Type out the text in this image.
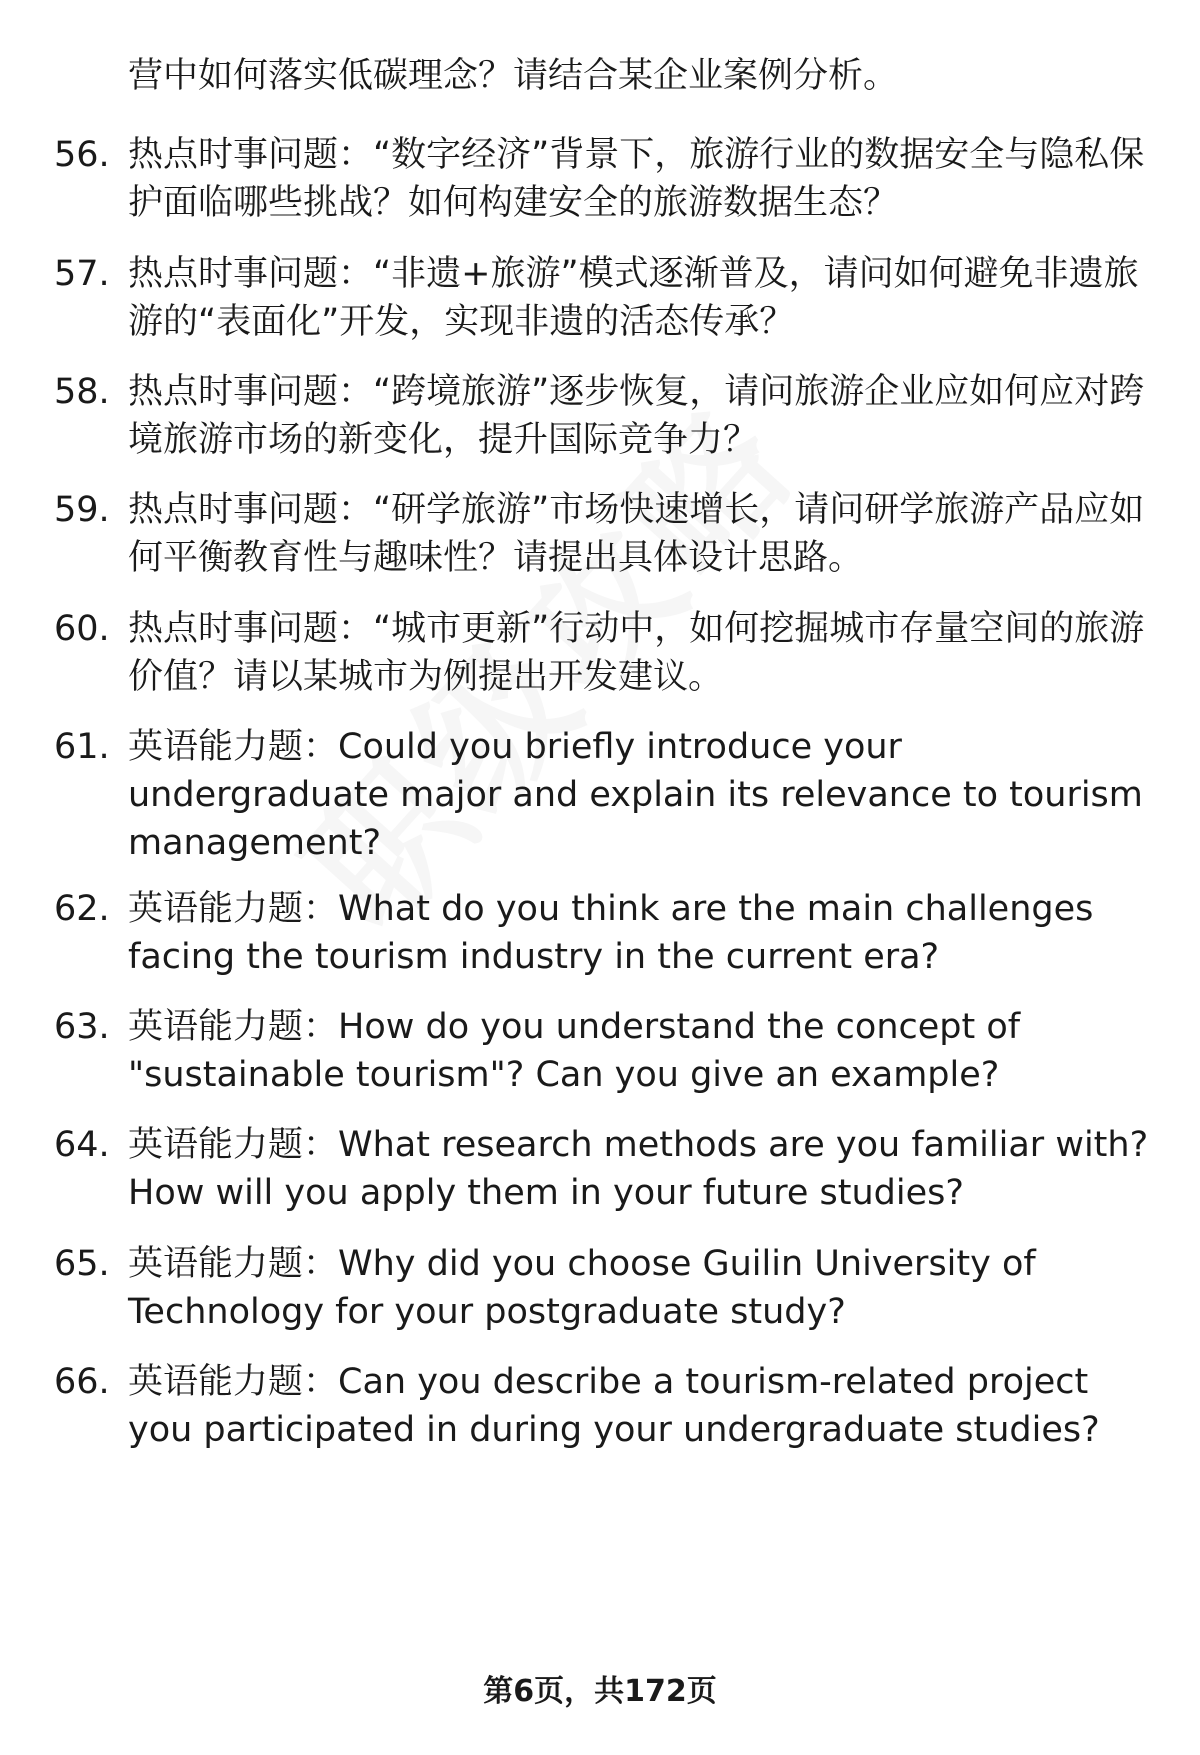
营中如何落实低碳理念？请结合某企业案例分析。
56. 热点时事问题：“数字经济”背景下，旅游行业的数据安全与隐私保护面临哪些挑战？如何构建安全的旅游数据生态？
57. 热点时事问题：“非遗+旅游”模式逐渐普及，请问如何避免非遗旅游的“表面化”开发，实现非遗的活态传承？
58. 热点时事问题：“跨境旅游”逐步恢复，请问旅游企业应如何应对跨境旅游市场的新变化，提升国际竞争力？
59. 热点时事问题：“研学旅游”市场快速增长，请问研学旅游产品应如何平衡教育性与趣味性？请提出具体设计思路。
60. 热点时事问题：“城市更新”行动中，如何挖掘城市存量空间的旅游价值？请以某城市为例提出开发建议。
61. 英语能力题：Could you briefly introduce your undergraduate major and explain its relevance to tourism management?
62. 英语能力题：What do you think are the main challenges facing the tourism industry in the current era?
63. 英语能力题：How do you understand the concept of "sustainable tourism"? Can you give an example?
64. 英语能力题：What research methods are you familiar with? How will you apply them in your future studies?
65. 英语能力题：Why did you choose Guilin University of Technology for your postgraduate study?
66. 英语能力题：Can you describe a tourism-related project you participated in during your undergraduate studies?
第6页，共172页
